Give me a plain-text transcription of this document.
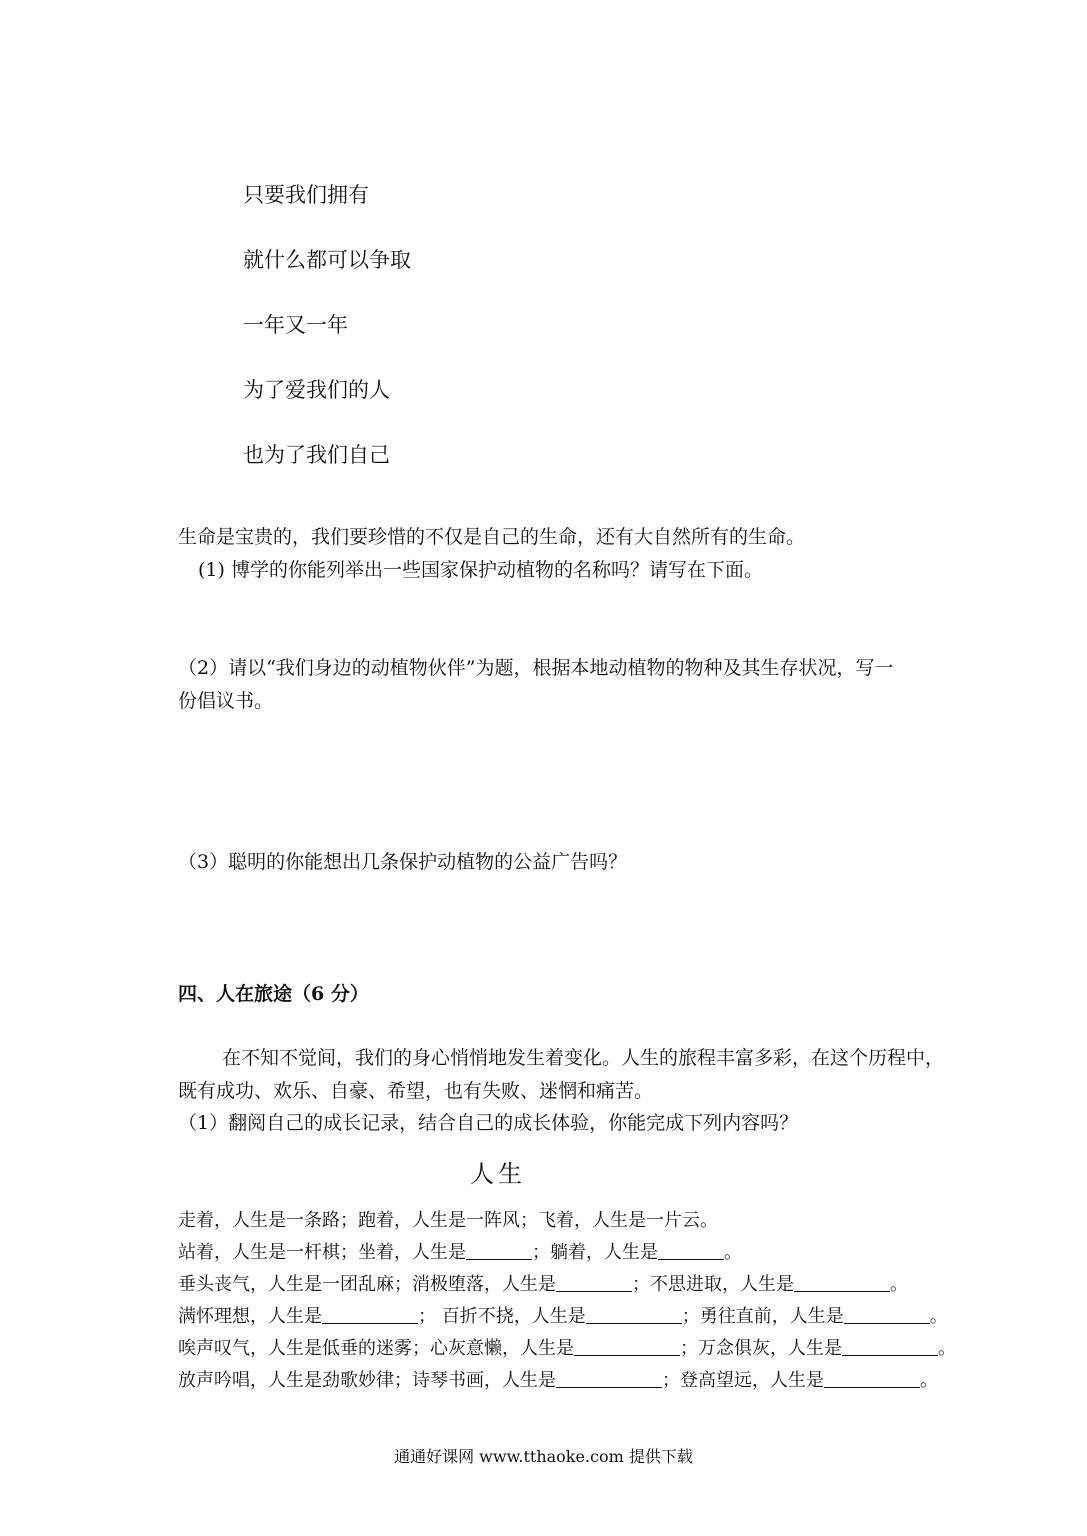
只要我们拥有
就什么都可以争取
一年又一年
为了爱我们的人
也为了我们自己
生命是宝贵的，我们要珍惜的不仅是自己的生命，还有大自然所有的生命。
(1) 博学的你能列举出一些国家保护动植物的名称吗？请写在下面。
（2）请以“我们身边的动植物伙伴”为题，根据本地动植物的物种及其生存状况，写一
份倡议书。
（3）聪明的你能想出几条保护动植物的公益广告吗？
四、人在旅途（6 分）
在不知不觉间，我们的身心悄悄地发生着变化。人生的旅程丰富多彩，在这个历程中，
既有成功、欢乐、自豪、希望，也有失败、迷惘和痛苦。
（1）翻阅自己的成长记录，结合自己的成长体验，你能完成下列内容吗？
人生
走着，人生是一条路；跑着，人生是一阵风；飞着，人生是一片云。
站着，人生是一杆棋；坐着，人生是	；躺着，人生是	。
垂头丧气，人生是一团乱麻；消极堕落，人生是	；不思进取，人生是	。
满怀理想，人生是	； 百折不挠，人生是	；勇往直前，人生是	。
唉声叹气，人生是低垂的迷雾；心灰意懒，人生是	；万念俱灰，人生是	。
放声吟唱，人生是劲歌妙律；诗琴书画，人生是	；登高望远，人生是	。
通通好课网 www.tthaoke.com 提供下载
